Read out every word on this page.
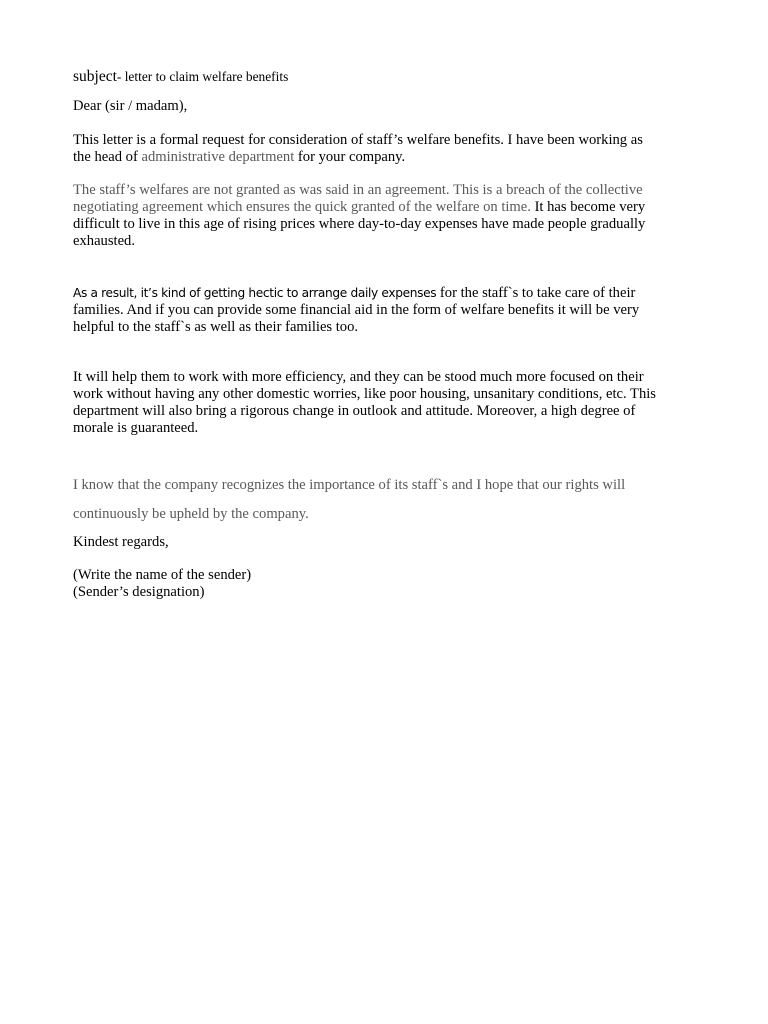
subject- letter to claim welfare benefits
Dear (sir / madam),
This letter is a formal request for consideration of staff’s welfare benefits. I have been working as
the head of administrative department for your company.
The staff’s welfares are not granted as was said in an agreement. This is a breach of the collective
negotiating agreement which ensures the quick granted of the welfare on time. It has become very
difficult to live in this age of rising prices where day-to-day expenses have made people gradually
exhausted.
As a result, it’s kind of getting hectic to arrange daily expenses for the staff`s to take care of their
families. And if you can provide some financial aid in the form of welfare benefits it will be very
helpful to the staff`s as well as their families too.
It will help them to work with more efficiency, and they can be stood much more focused on their
work without having any other domestic worries, like poor housing, unsanitary conditions, etc. This
department will also bring a rigorous change in outlook and attitude. Moreover, a high degree of
morale is guaranteed.
I know that the company recognizes the importance of its staff`s and I hope that our rights will
continuously be upheld by the company.
Kindest regards,
(Write the name of the sender)
(Sender’s designation)
